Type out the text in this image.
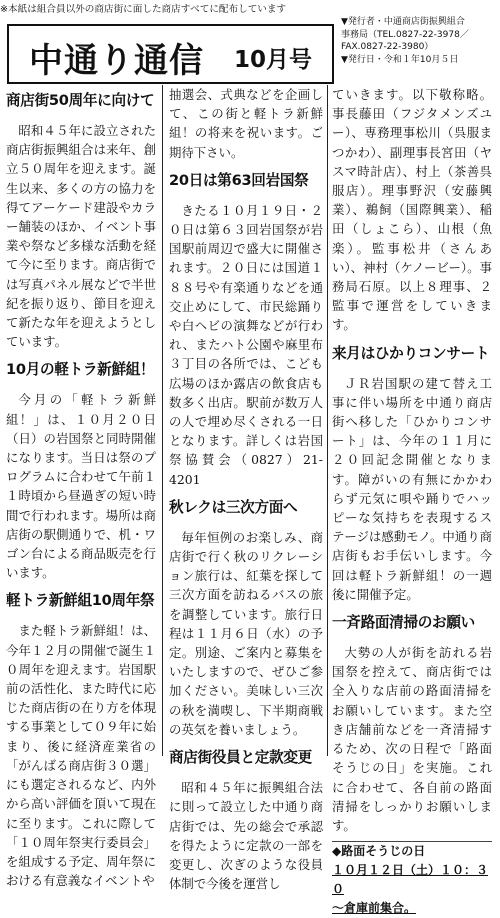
※本紙は組合員以外の商店街に面した商店すべてに配布しています
中通り通信 10月号
▼発行者・中通商店街振興組合
事務局（TEL.0827-22-3978／
FAX.0827-22-3980）
▼発行日・令和１年10月５日
商店街50周年に向けて

昭和４５年に設立された商店街振興組合は来年、創立５０周年を迎えます。誕生以来、多くの方の協力を得てアーケード建設やカラー舗装のほか、イベント事業や祭など多様な活動を経て今に至ります。商店街では写真パネル展などで半世紀を振り返り、節目を迎えて新たな年を迎えようとしています。

10月の軽トラ新鮮組！

今月の「軽トラ新鮮組！」は、１０月２０日（日）の岩国祭と同時開催になります。当日は祭のプログラムに合わせて午前１１時頃から昼過ぎの短い時間で行われます。場所は商店街の駅側通りで、机・ワゴン台による商品販売を行います。

軽トラ新鮮組10周年祭

また軽トラ新鮮組！は、今年１２月の開催で誕生１０周年を迎えます。岩国駅前の活性化、また時代に応じた商店街の在り方を体現する事業として０９年に始まり、後に経済産業省の「がんばる商店街３０選」にも選定されるなど、内外から高い評価を頂いて現在に至ります。これに際して「１０周年祭実行委員会」を組成する予定、周年祭における有意義なイベントや

抽選会、式典などを企画して、この街と軽トラ新鮮組！の将来を祝います。ご期待下さい。

20日は第63回岩国祭

きたる１０月１９日・２０日は第６３回岩国祭が岩国駅前周辺で盛大に開催されます。２０日には国道１８８号や有楽通りなどを通交止めにして、市民総踊りや白ヘビの演舞などが行われ、またハト公園や麻里布３丁目の各所では、こども広場のほか露店の飲食店も数多く出店。駅前が数万人の人で埋め尽くされる一日となります。詳しくは岩国祭協賛会（0827）21-4201

秋レクは三次方面へ

毎年恒例のお楽しみ、商店街で行く秋のリクレーション旅行は、紅葉を探して三次方面を訪ねるバスの旅を調整しています。旅行日程は１１月６日（水）の予定。別途、ご案内と募集をいたしますので、ぜひご参加ください。美味しい三次の秋を満喫し、下半期商戦の英気を養いましょう。

商店街役員と定款変更

昭和４５年に振興組合法に則って設立した中通り商店街では、先の総会で承認を得たように定款の一部を変更し、次ぎのような役員体制で今後を運営し

ていきます。以下敬称略。事長藤田（フジタメンズユー）、専務理事松川（呉服まつかわ）、副理事長宮田（ヤスマ時計店）、村上（茶善呉服店）。理事野沢（安藤興業）、鵜飼（国際興業）、稲田（しょこら）、山根（魚楽）。監事松井（さんあい）、神村（ケノービー）。事務局石原。以上８理事、２監事で運営をしていきます。

来月はひかりコンサート

ＪＲ岩国駅の建て替え工事に伴い場所を中通り商店街へ移した「ひかりコンサート」は、今年の１１月に２０回記念開催となります。障がいの有無にかかわらず元気に唄や踊りでハッピーな気持ちを表現するステージは感動モノ。中通り商店街もお手伝いします。今回は軽トラ新鮮組！の一週後に開催予定。

一斉路面清掃のお願い

大勢の人が街を訪れる岩国祭を控えて、商店街では全入りな店前の路面清掃をお願いしています。また空き店舗前などを一斉清掃するため、次の日程で「路面そうじの日」を実施。これに合わせて、各自前の路面清掃をしっかりお願いします。

◆路面そうじの日
１０月１２日（土）１０：３０
～倉庫前集合。
